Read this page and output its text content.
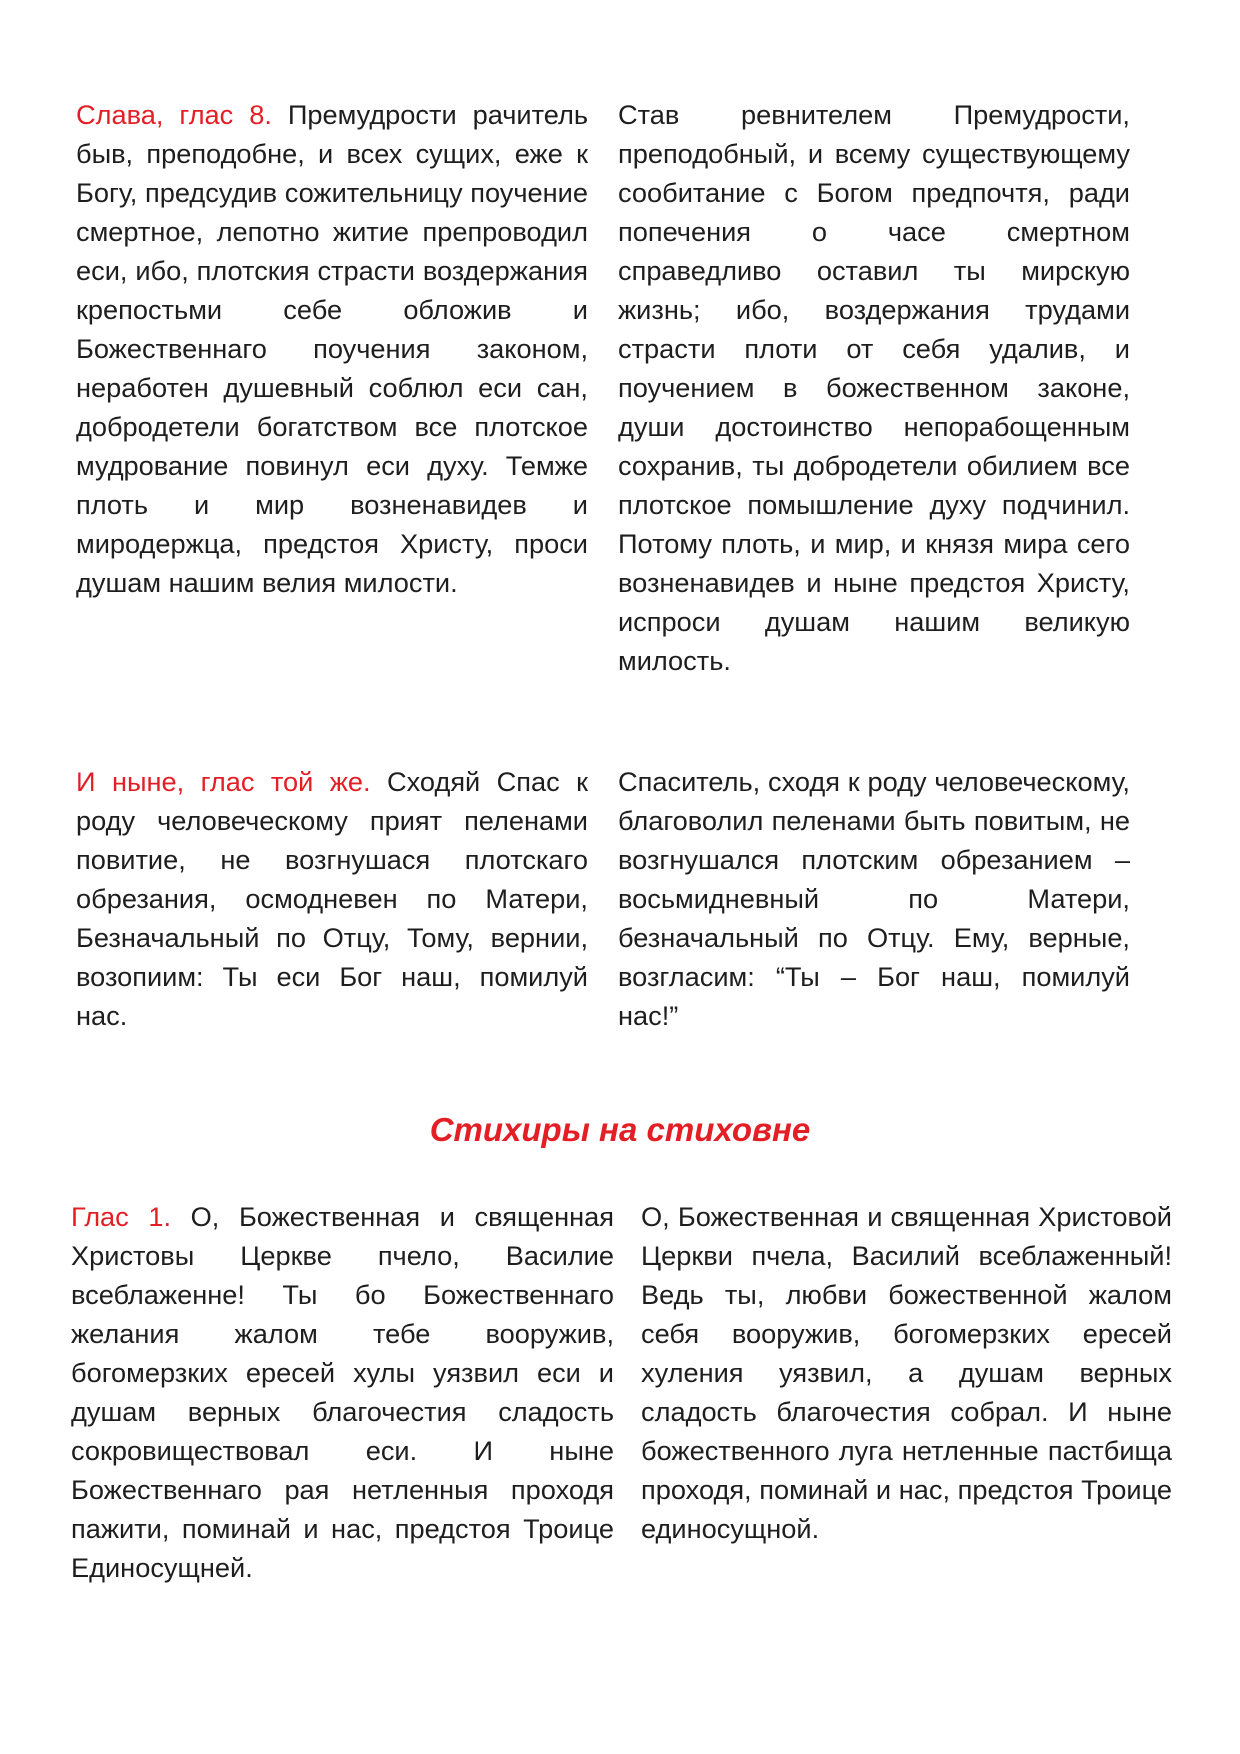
Слава, глас 8. Премудрости рачитель быв, преподобне, и всех сущих, еже к Богу, предсудив сожительницу поучение смертное, лепотно житие препроводил еси, ибо, плотския страсти воздержания крепостьми себе обложив и Божественнаго поучения законом, неработен душевный соблюл еси сан, добродетели богатством все плотское мудрование повинул еси духу. Темже плоть и мир возненавидев и миродержца, предстоя Христу, проси душам нашим велия милости.
Став ревнителем Премудрости, преподобный, и всему существующему сообитание с Богом предпочтя, ради попечения о часе смертном справедливо оставил ты мирскую жизнь; ибо, воздержания трудами страсти плоти от себя удалив, и поучением в божественном законе, души достоинство непорабощенным сохранив, ты добродетели обилием все плотское помышление духу подчинил. Потому плоть, и мир, и князя мира сего возненавидев и ныне предстоя Христу, испроси душам нашим великую милость.
И ныне, глас той же. Сходяй Спас к роду человеческому прият пеленами повитие, не возгнушася плотскаго обрезания, осмодневен по Матери, Безначальный по Отцу, Тому, вернии, возопиим: Ты еси Бог наш, помилуй нас.
Спаситель, сходя к роду человеческому, благоволил пеленами быть повитым, не возгнушался плотским обрезанием – восьмидневный по Матери, безначальный по Отцу. Ему, верные, возгласим: “Ты – Бог наш, помилуй нас!”
Стихиры на стиховне
Глас 1. О, Божественная и священная Христовы Церкве пчело, Василие всеблаженне! Ты бо Божественнаго желания жалом тебе вооружив, богомерзких ересей хулы уязвил еси и душам верных благочестия сладость сокровиществовал еси. И ныне Божественнаго рая нетленныя проходя пажити, поминай и нас, предстоя Троице Единосущней.
О, Божественная и священная Христовой Церкви пчела, Василий всеблаженный! Ведь ты, любви божественной жалом себя вооружив, богомерзких ересей хуления уязвил, а душам верных сладость благочестия собрал. И ныне божественного луга нетленные пастбища проходя, поминай и нас, предстоя Троице единосущной.
